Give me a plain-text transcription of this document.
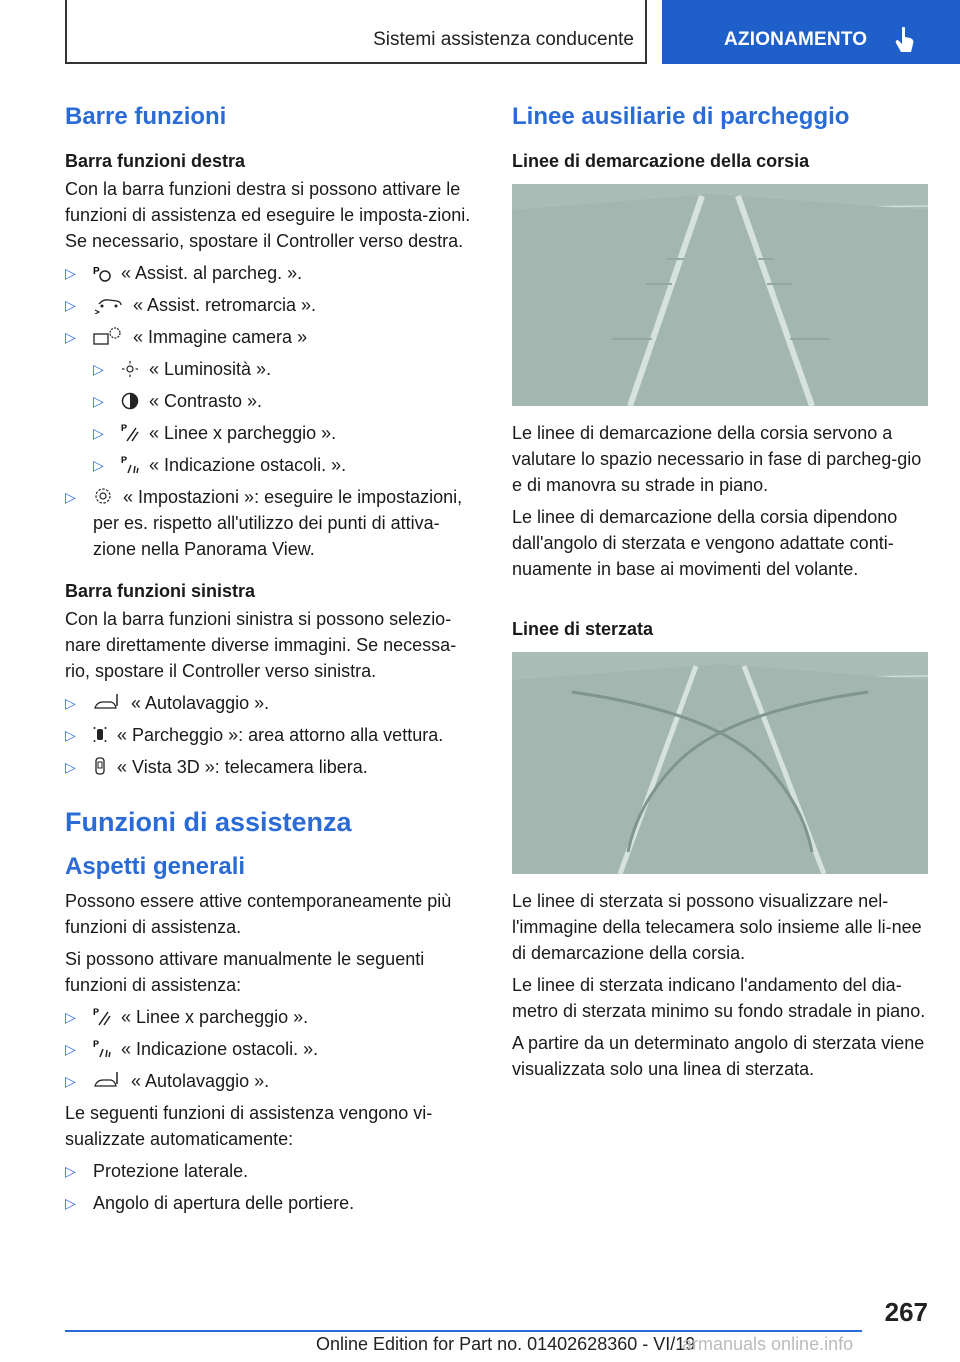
Sistemi assistenza conducente	AZIONAMENTO
Barre funzioni
Barra funzioni destra

Con la barra funzioni destra si possono attivare le funzioni di assistenza ed eseguire le imposta-zioni. Se necessario, spostare il Controller verso destra.

▷ P « Assist. al parcheg. ».
▷	« Assist. retromarcia ».
▷	« Immagine camera »
▷	« Luminosità ».
▷	« Contrasto ».
▷ P « Linee x parcheggio ».
▷ P « Indicazione ostacoli. ».
▷	« Impostazioni »: eseguire le impostazioni, per es. rispetto all'utilizzo dei punti di attiva-zione nella Panorama View.
Barra funzioni sinistra

Con la barra funzioni sinistra si possono selezio-nare direttamente diverse immagini. Se necessa-rio, spostare il Controller verso sinistra.

▷	« Autolavaggio ».
▷ « Parcheggio »: area attorno alla vettura.
▷ « Vista 3D »: telecamera libera.
Funzioni di assistenza
Aspetti generali

Possono essere attive contemporaneamente più funzioni di assistenza.

Si possono attivare manualmente le seguenti funzioni di assistenza:

▷ P « Linee x parcheggio ».
▷ P « Indicazione ostacoli. ».
▷	« Autolavaggio ».

Le seguenti funzioni di assistenza vengono vi-sualizzate automaticamente:

▷ Protezione laterale.
▷ Angolo di apertura delle portiere.
Linee ausiliarie di parcheggio
Linee di demarcazione della corsia

Le linee di demarcazione della corsia servono a valutare lo spazio necessario in fase di parcheg-gio e di manovra su strade in piano.

Le linee di demarcazione della corsia dipendono dall'angolo di sterzata e vengono adattate conti-nuamente in base ai movimenti del volante.

Linee di sterzata

Le linee di sterzata si possono visualizzare nel-l'immagine della telecamera solo insieme alle li-nee di demarcazione della corsia.

Le linee di sterzata indicano l'andamento del dia-metro di sterzata minimo su fondo stradale in piano.

A partire da un determinato angolo di sterzata viene visualizzata solo una linea di sterzata.

267
Online Edition for Part no. 01402628360 - VI/19
armanuals online.info
